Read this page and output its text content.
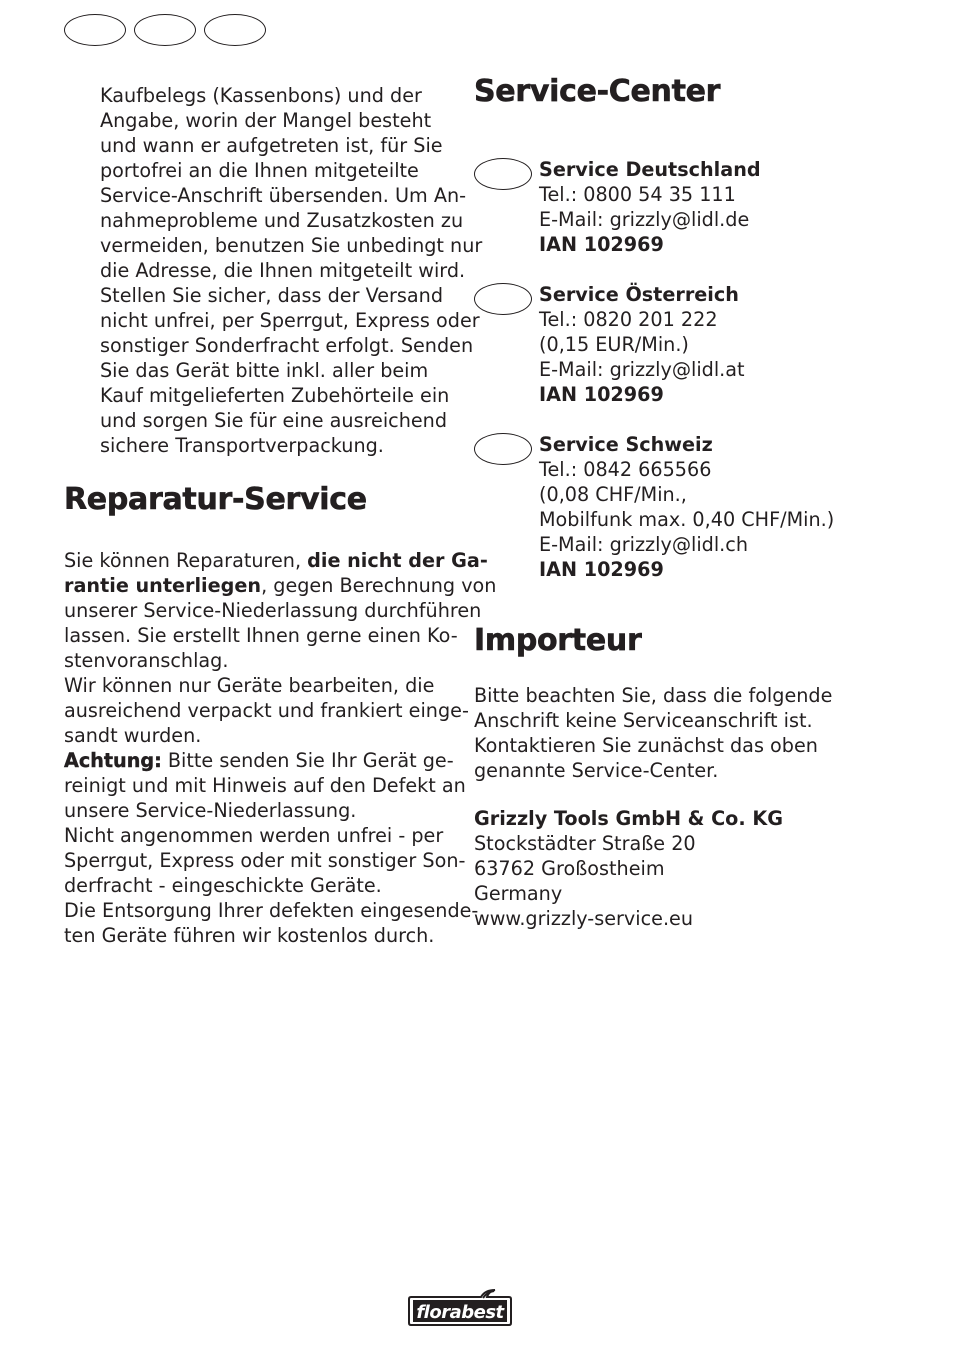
Kaufbelegs (Kassenbons) und der
Angabe, worin der Mangel besteht
und wann er aufgetreten ist, für Sie
portofrei an die Ihnen mitgeteilte
Service-Anschrift übersenden. Um An-
nahmeprobleme und Zusatzkosten zu
vermeiden, benutzen Sie unbedingt nur
die Adresse, die Ihnen mitgeteilt wird.
Stellen Sie sicher, dass der Versand
nicht unfrei, per Sperrgut, Express oder
sonstiger Sonderfracht erfolgt. Senden
Sie das Gerät bitte inkl. aller beim
Kauf mitgelieferten Zubehörteile ein
und sorgen Sie für eine ausreichend
sichere Transportverpackung.
Reparatur-Service
Sie können Reparaturen, die nicht der Ga-
rantie unterliegen, gegen Berechnung von
unserer Service-Niederlassung durchführen
lassen. Sie erstellt Ihnen gerne einen Ko-
stenvoranschlag.
Wir können nur Geräte bearbeiten, die
ausreichend verpackt und frankiert einge-
sandt wurden.
Achtung: Bitte senden Sie Ihr Gerät ge-
reinigt und mit Hinweis auf den Defekt an
unsere Service-Niederlassung.
Nicht angenommen werden unfrei - per
Sperrgut, Express oder mit sonstiger Son-
derfracht - eingeschickte Geräte.
Die Entsorgung Ihrer defekten eingesende-
ten Geräte führen wir kostenlos durch.
Service-Center
Service Deutschland
Tel.: 0800 54 35 111
E-Mail: grizzly@lidl.de
IAN 102969
Service Österreich
Tel.: 0820 201 222
(0,15 EUR/Min.)
E-Mail: grizzly@lidl.at
IAN 102969
Service Schweiz
Tel.: 0842 665566
(0,08 CHF/Min.,
Mobilfunk max. 0,40 CHF/Min.)
E-Mail: grizzly@lidl.ch
IAN 102969
Importeur
Bitte beachten Sie, dass die folgende
Anschrift keine Serviceanschrift ist.
Kontaktieren Sie zunächst das oben
genannte Service-Center.
Grizzly Tools GmbH & Co. KG
Stockstädter Straße 20
63762 Großostheim
Germany
www.grizzly-service.eu
florabest
